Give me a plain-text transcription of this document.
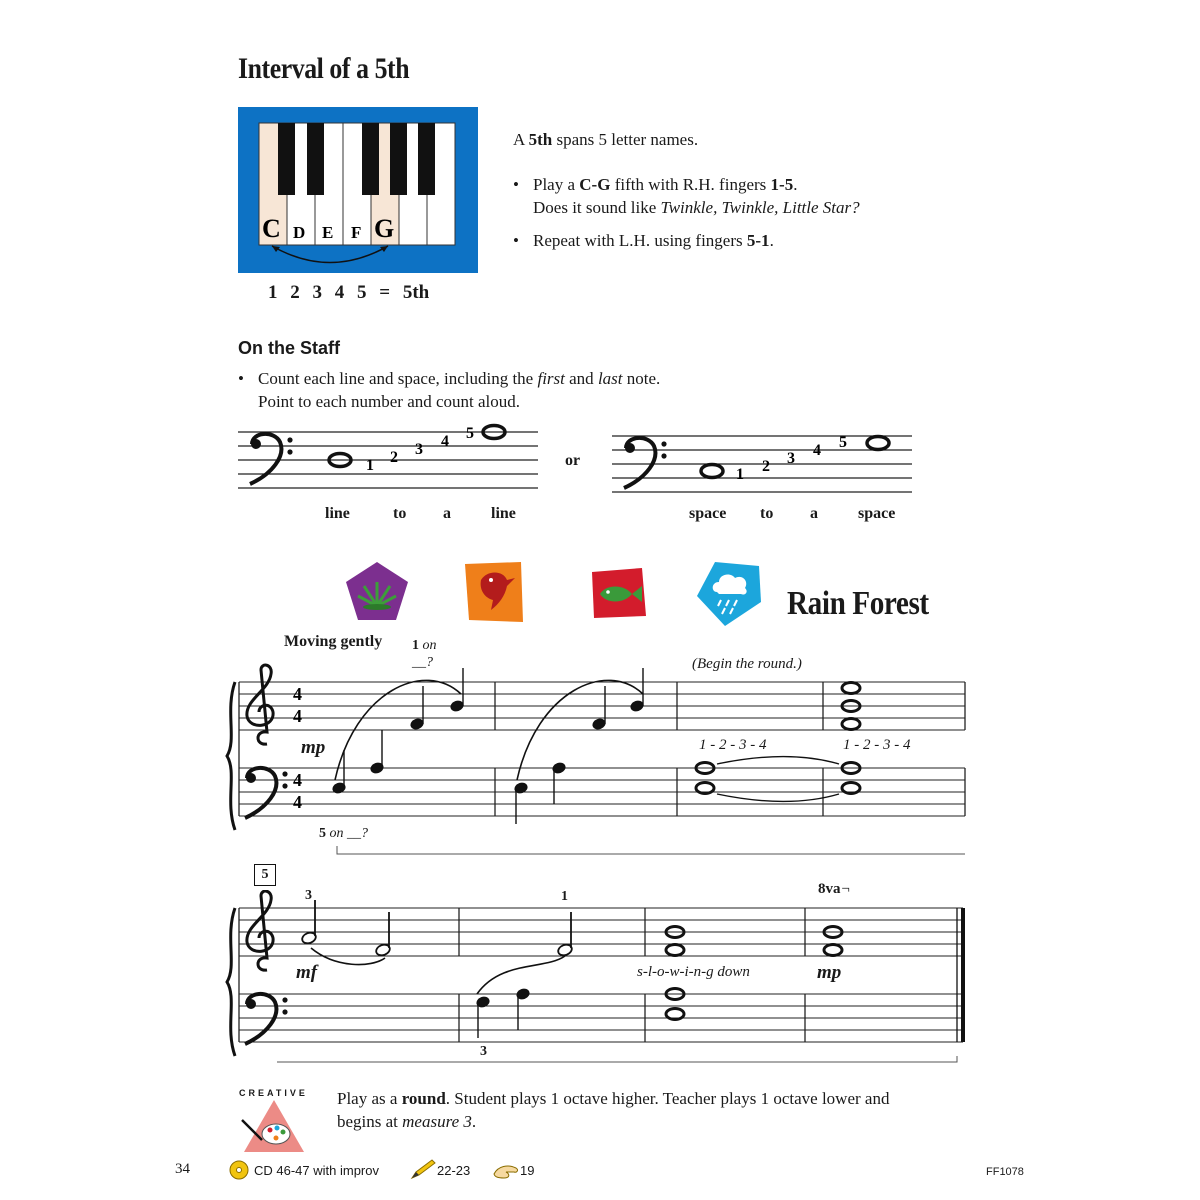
Interval of a 5th
C D E F G
1 2 3 4 5 = 5th
A 5th spans 5 letter names.
• Play a C-G fifth with R.H. fingers 1-5.
Does it sound like Twinkle, Twinkle, Little Star?
• Repeat with L.H. using fingers 5-1.
On the Staff
• Count each line and space, including the first and last note.
Point to each number and count aloud.
1 2 3 4 5
or
1 2 3 4 5
line	to a	line	space to a	space
Rain Forest
Moving gently 1 on
__?	(Begin the round.)
4
4
4
4
mp	1 - 2 - 3 - 4	1 - 2 - 3 - 4
5 on __?
5
3	1	8va¬
mf	s-l-o-w-i-n-g down	mp
3
CREATIVE Play as a round. Student plays 1 octave higher. Teacher plays 1 octave lower and
begins at measure 3.
34	CD 46-47 with improv	22-23	19	FF1078
